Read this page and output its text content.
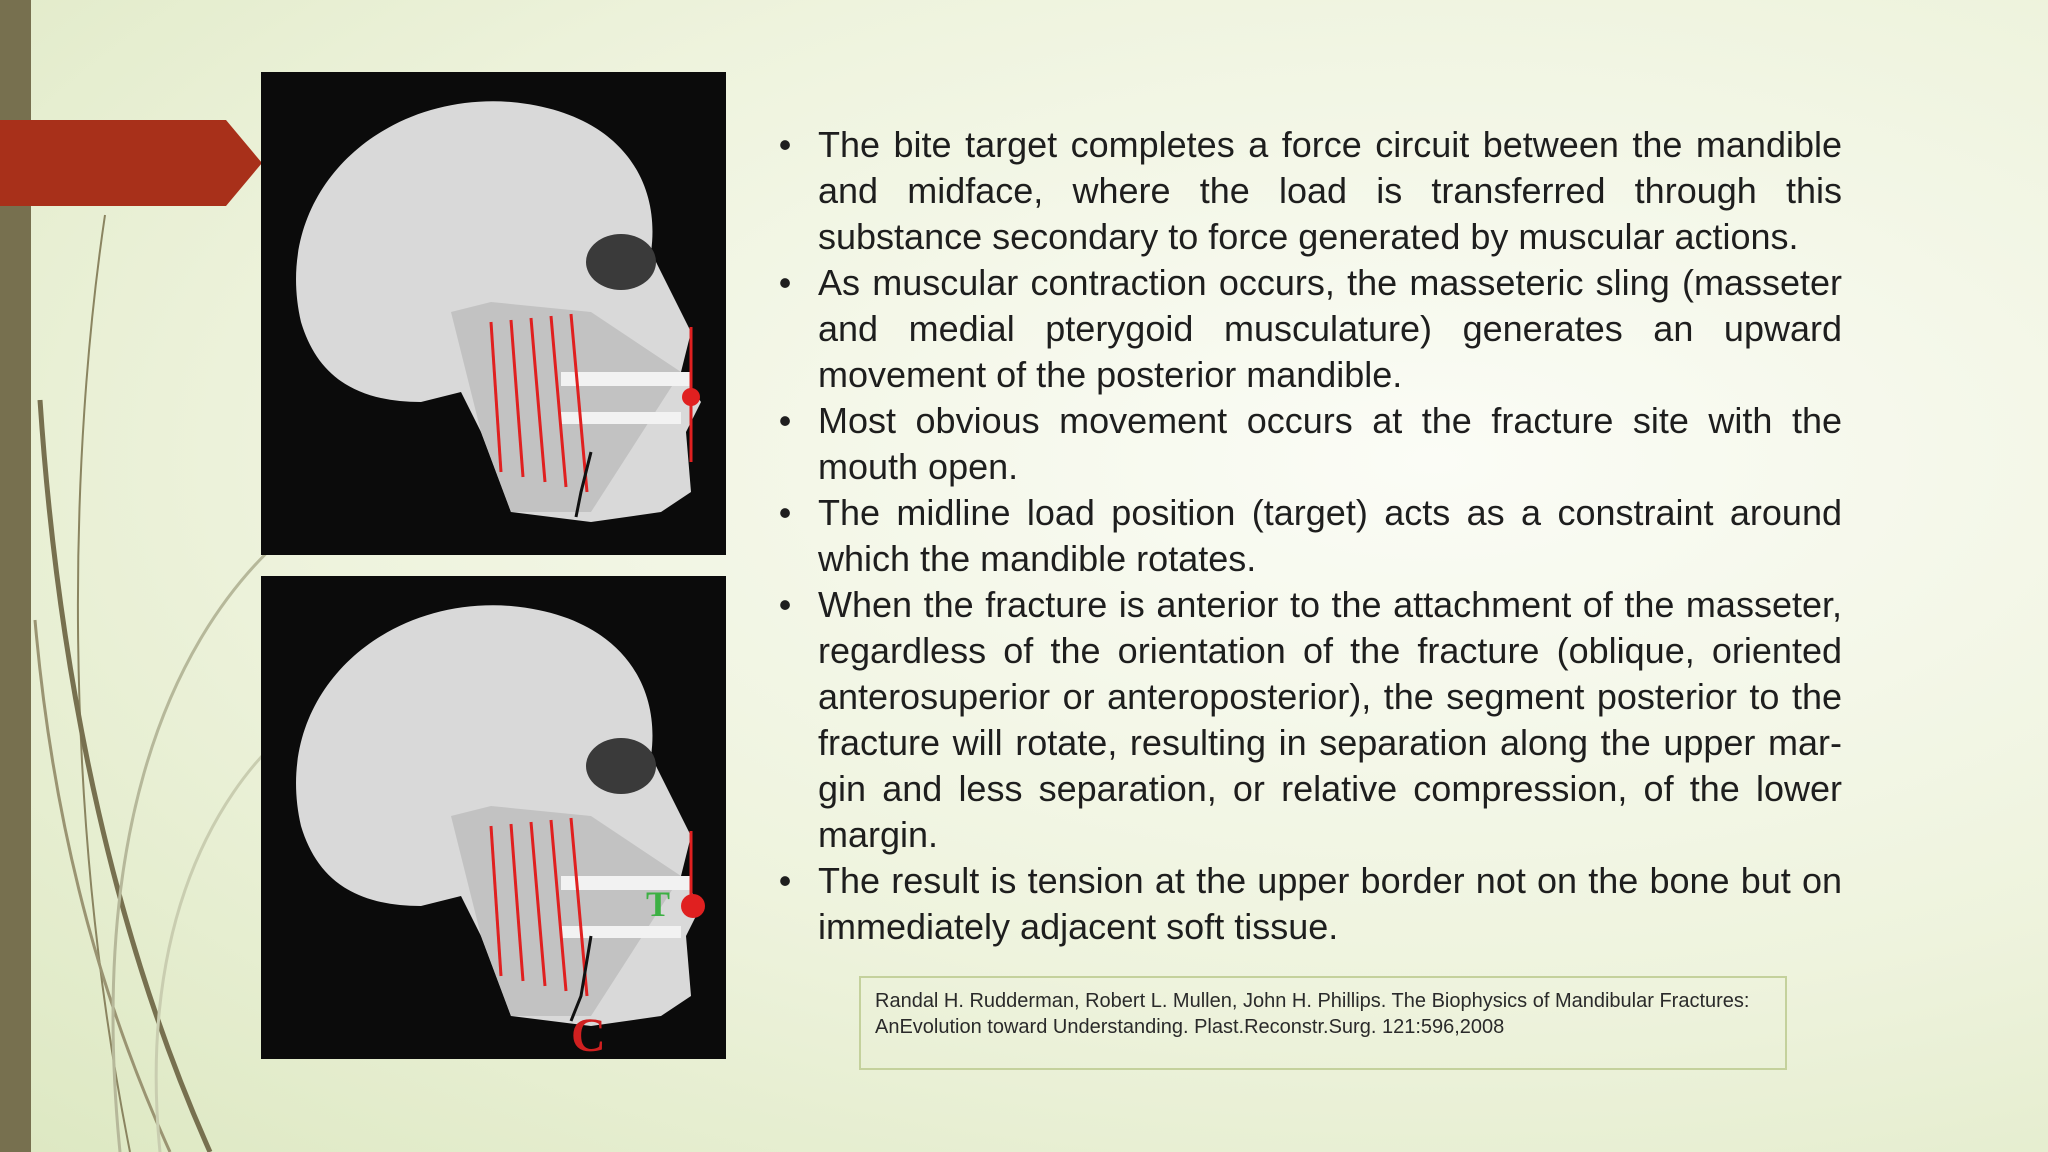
T
C
• The bite target completes a force circuit between the mandible and midface, where the load is transferred through this substance secondary to force generated by muscular actions.
• As muscular contraction occurs, the masseteric sling (masseter and medial pterygoid musculature) generates an upward movement of the posterior mandible.
• Most obvious movement occurs at the fracture site with the mouth open.
• The midline load position (target) acts as a constraint around which the mandible rotates.
• When the fracture is anterior to the attachment of the masseter, regardless of the orientation of the fracture (oblique, oriented anterosuperior or anteroposterior), the segment posterior to the fracture will rotate, resulting in separation along the upper mar-gin and less separation, or relative compression, of the lower margin.
• The result is tension at the upper border not on the bone but on immediately adjacent soft tissue.
Randal H. Rudderman, Robert L. Mullen, John H. Phillips. The Biophysics of Mandibular Fractures: AnEvolution toward Understanding. Plast.Reconstr.Surg. 121:596,2008
